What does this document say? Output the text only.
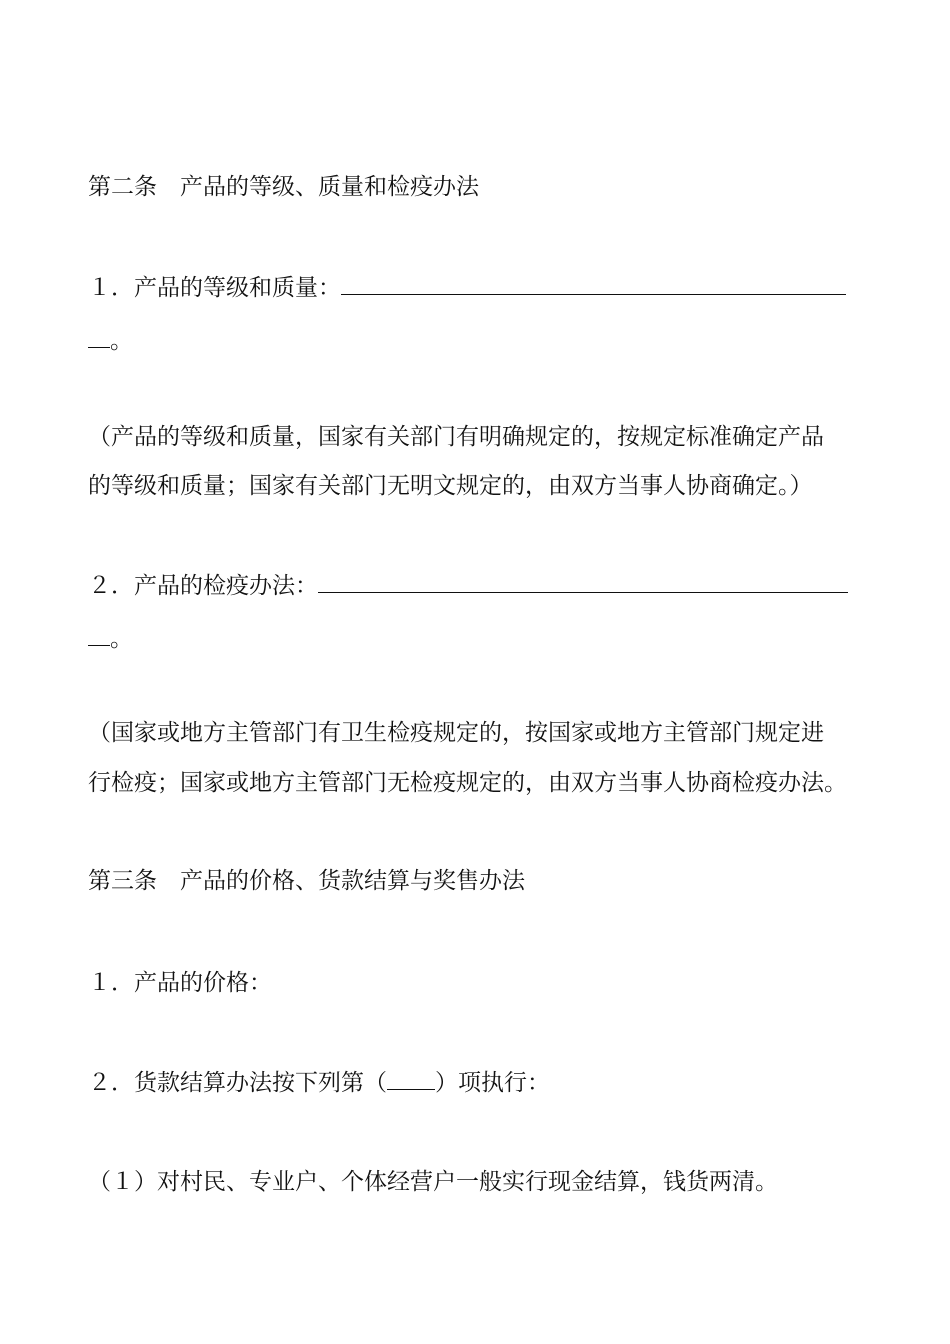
第二条　产品的等级、质量和检疫办法
１．产品的等级和质量：
。
（产品的等级和质量，国家有关部门有明确规定的，按规定标准确定产品
的等级和质量；国家有关部门无明文规定的，由双方当事人协商确定。）
２．产品的检疫办法：
。
（国家或地方主管部门有卫生检疫规定的，按国家或地方主管部门规定进
行检疫；国家或地方主管部门无检疫规定的，由双方当事人协商检疫办法。
第三条　产品的价格、货款结算与奖售办法
１．产品的价格：
２．货款结算办法按下列第（ ）项执行：
（１）对村民、专业户、个体经营户一般实行现金结算，钱货两清。
